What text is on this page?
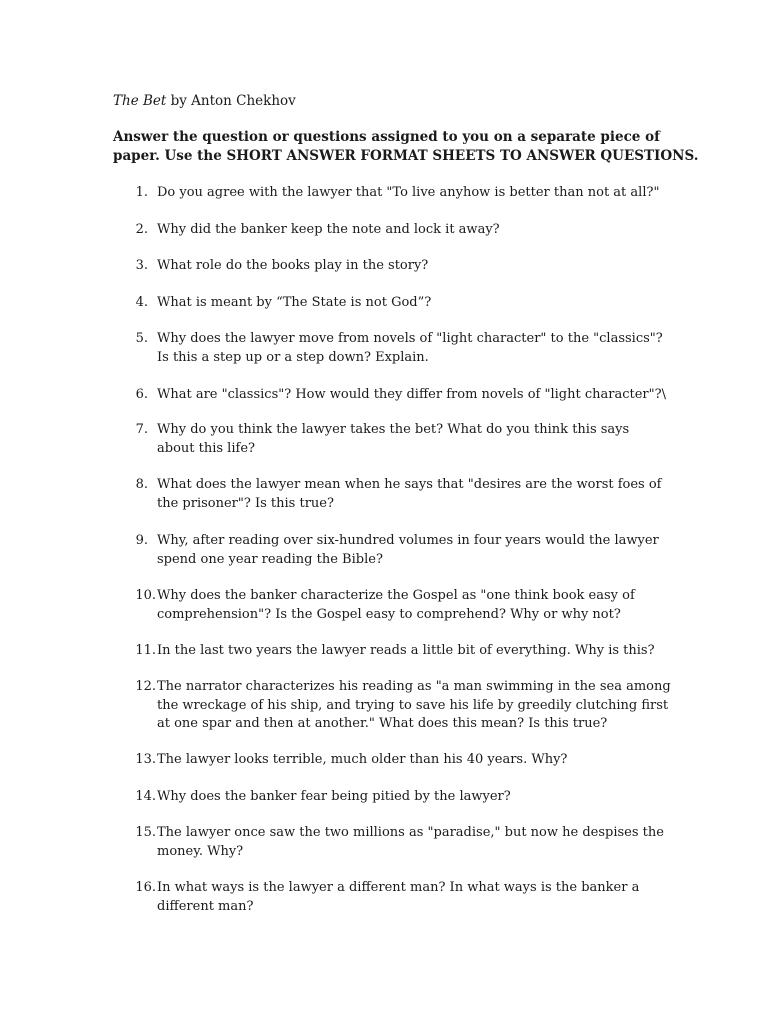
The Bet by Anton Chekhov
Answer the question or questions assigned to you on a separate piece of
paper. Use the SHORT ANSWER FORMAT SHEETS TO ANSWER QUESTIONS.
1. Do you agree with the lawyer that "To live anyhow is better than not at all?"
2. Why did the banker keep the note and lock it away?
3. What role do the books play in the story?
4. What is meant by “The State is not God”?
5. Why does the lawyer move from novels of "light character" to the "classics"?
Is this a step up or a step down? Explain.
6. What are "classics"? How would they differ from novels of "light character"?\
7. Why do you think the lawyer takes the bet? What do you think this says
about this life?
8. What does the lawyer mean when he says that "desires are the worst foes of
the prisoner"? Is this true?
9. Why, after reading over six-hundred volumes in four years would the lawyer
spend one year reading the Bible?
10. Why does the banker characterize the Gospel as "one think book easy of
comprehension"? Is the Gospel easy to comprehend? Why or why not?
11. In the last two years the lawyer reads a little bit of everything. Why is this?
12. The narrator characterizes his reading as "a man swimming in the sea among
the wreckage of his ship, and trying to save his life by greedily clutching first
at one spar and then at another." What does this mean? Is this true?
13. The lawyer looks terrible, much older than his 40 years. Why?
14. Why does the banker fear being pitied by the lawyer?
15. The lawyer once saw the two millions as "paradise," but now he despises the
money. Why?
16. In what ways is the lawyer a different man? In what ways is the banker a
different man?
